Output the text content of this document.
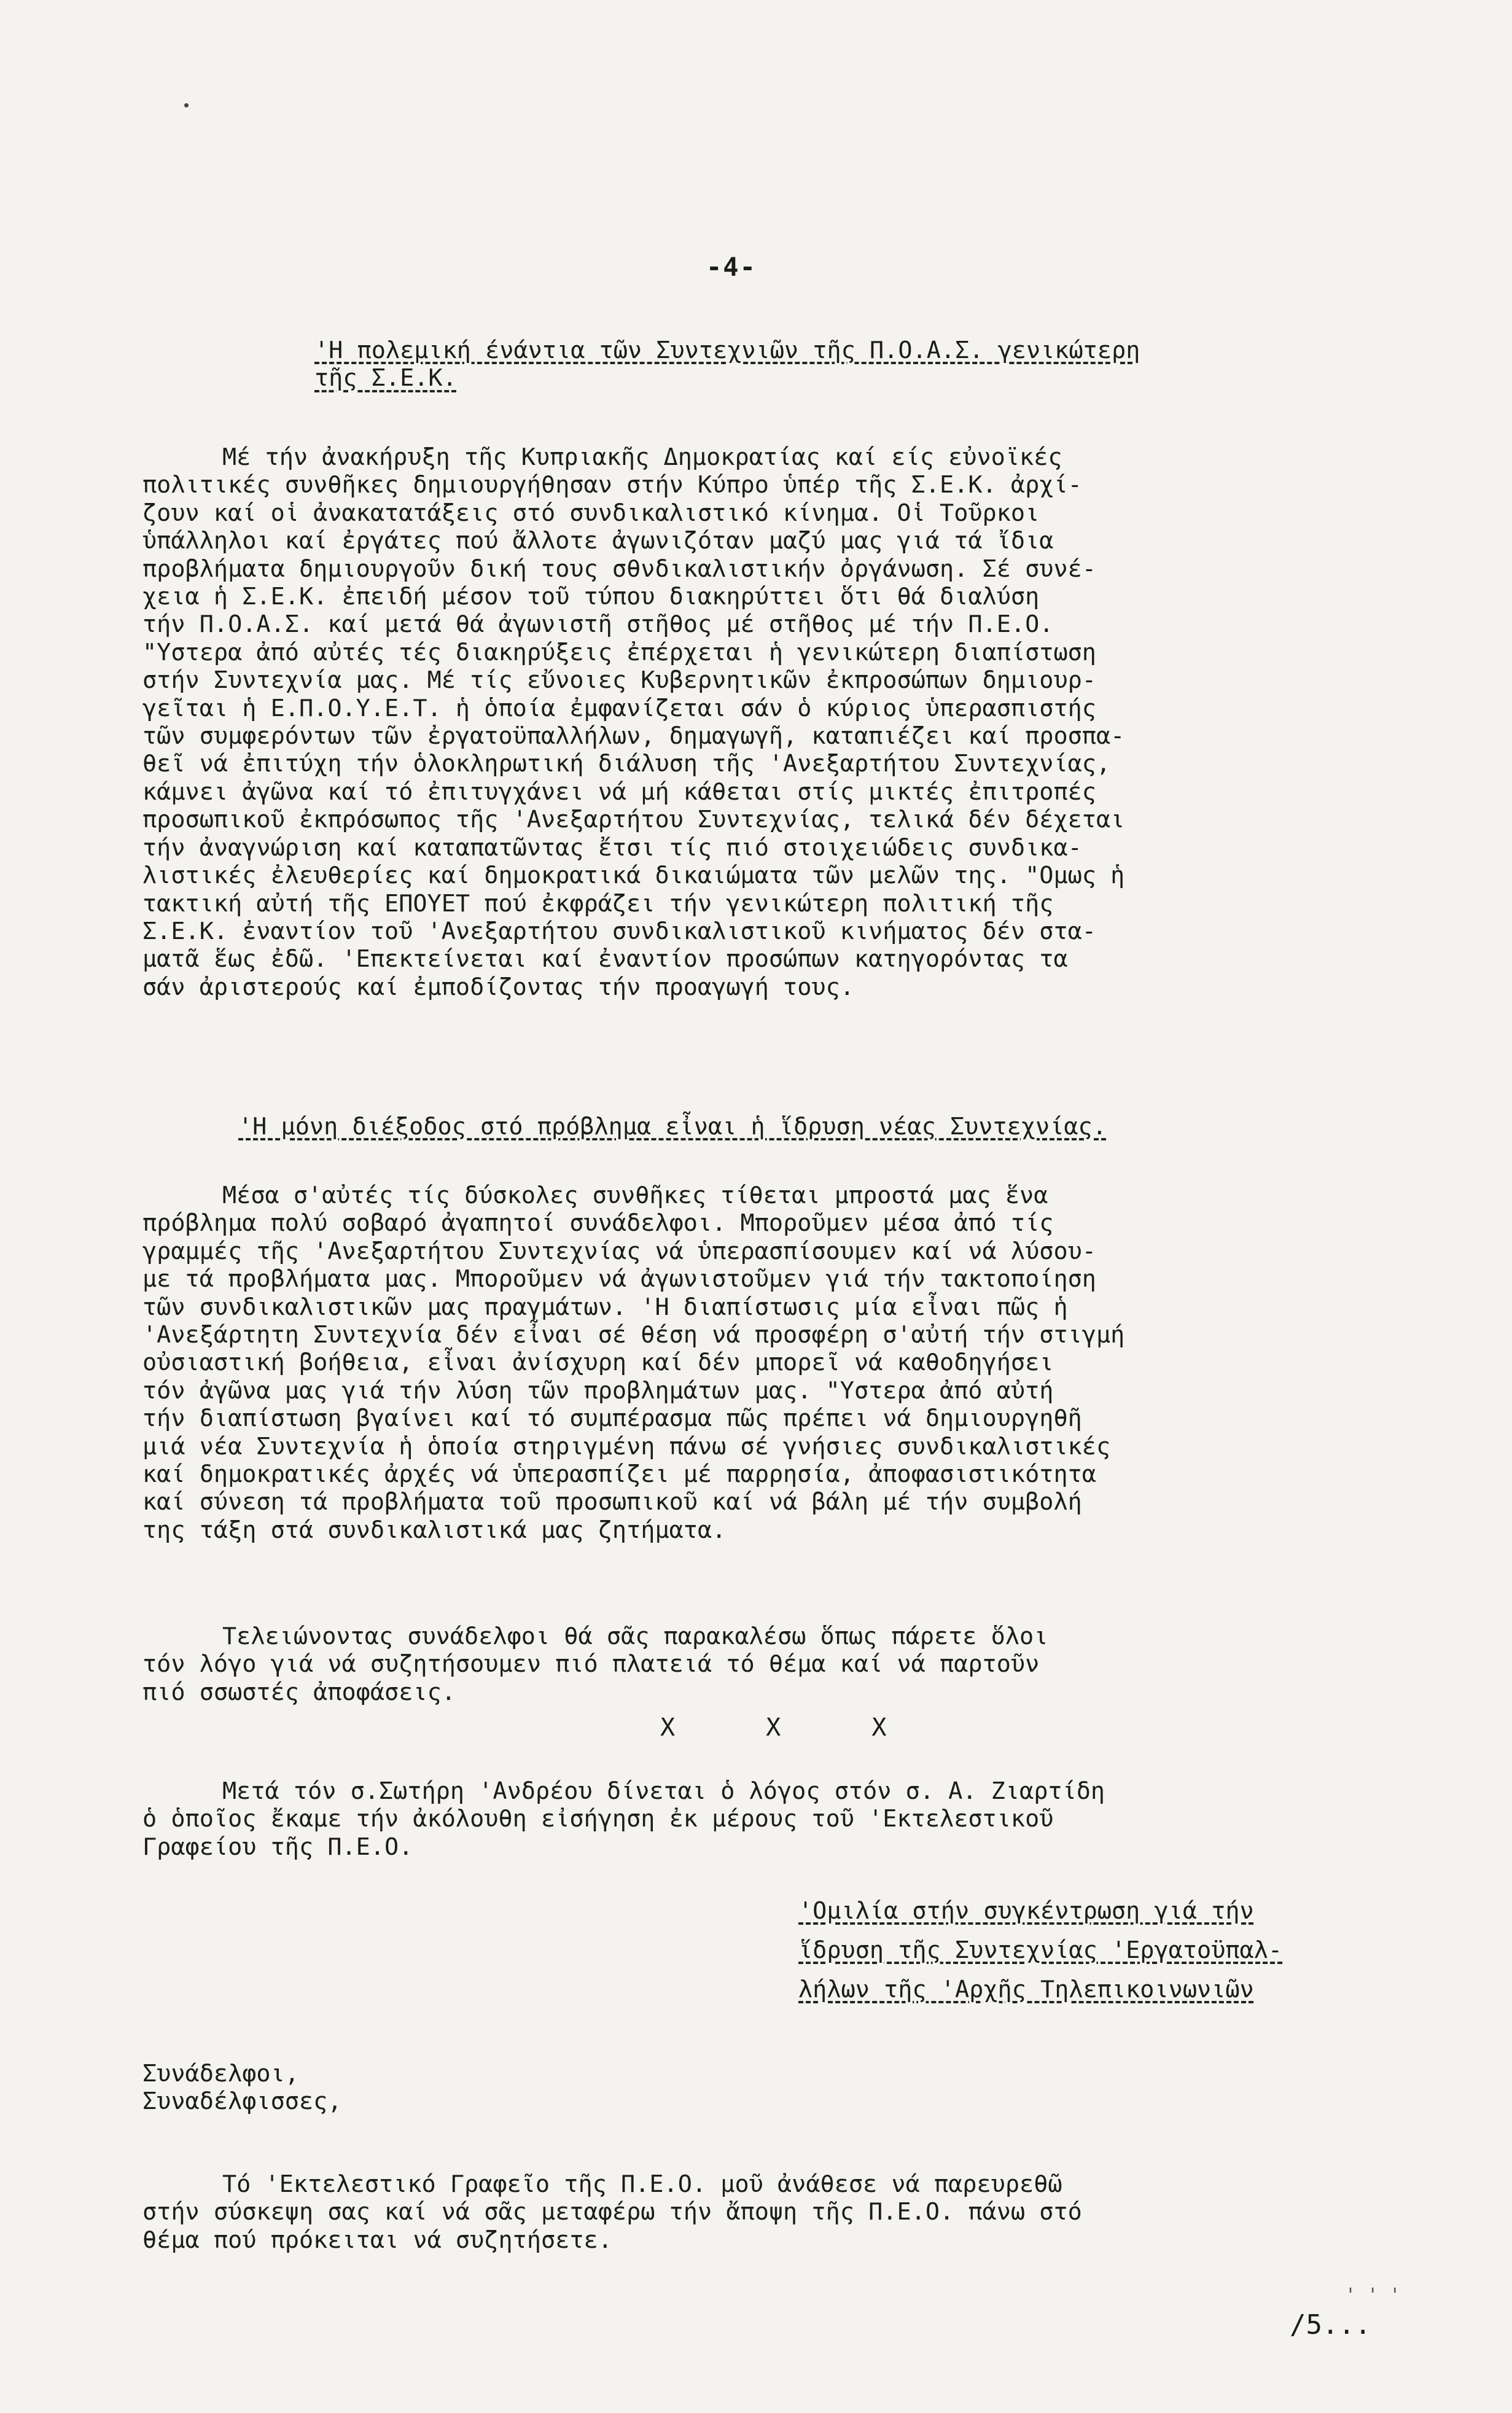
-4-
'Η πολεμική ένάντια τῶν Συντεχνιῶν τῆς Π.Ο.Α.Σ. γενικώτερη
τῆς Σ.Ε.Κ.
Μέ τήν ἀνακήρυξη τῆς Κυπριακῆς Δημοκρατίας καί είς εὐνοϊκές
πολιτικές συνθῆκες δημιουργήθησαν στήν Κύπρο ὑπέρ τῆς Σ.Ε.Κ. ἀρχί-
ζουν καί οἱ ἀνακατατάξεις στό συνδικαλιστικό κίνημα. Οἱ Τοῦρκοι
ὑπάλληλοι καί ἐργάτες πού ἄλλοτε ἀγωνιζόταν μαζύ μας γιά τά ἴδια
προβλήματα δημιουργοῦν δική τους σθνδικαλιστικήν ὀργάνωση. Σέ συνέ-
χεια ἡ Σ.Ε.Κ. ἐπειδή μέσον τοῦ τύπου διακηρύττει ὅτι θά διαλύση
τήν Π.Ο.Α.Σ. καί μετά θά ἀγωνιστῆ στῆθος μέ στῆθος μέ τήν Π.Ε.Ο.
"Υστερα ἀπό αὐτές τές διακηρύξεις ἐπέρχεται ἡ γενικώτερη διαπίστωση
στήν Συντεχνία μας. Μέ τίς εὔνοιες Κυβερνητικῶν ἐκπροσώπων δημιουρ-
γεῖται ἡ Ε.Π.Ο.Υ.Ε.Τ. ἡ ὁποία ἐμφανίζεται σάν ὁ κύριος ὑπερασπιστής
τῶν συμφερόντων τῶν ἐργατοϋπαλλήλων, δημαγωγῆ, καταπιέζει καί προσπα-
θεῖ νά ἐπιτύχη τήν ὁλοκληρωτική διάλυση τῆς 'Ανεξαρτήτου Συντεχνίας,
κάμνει ἀγῶνα καί τό ἐπιτυγχάνει νά μή κάθεται στίς μικτές ἐπιτροπές
προσωπικοῦ ἐκπρόσωπος τῆς 'Ανεξαρτήτου Συντεχνίας, τελικά δέν δέχεται
τήν ἀναγνώριση καί καταπατῶντας ἔτσι τίς πιό στοιχειώδεις συνδικα-
λιστικές ἐλευθερίες καί δημοκρατικά δικαιώματα τῶν μελῶν της. "Ομως ἡ
τακτική αὐτή τῆς ΕΠΟΥΕΤ πού ἐκφράζει τήν γενικώτερη πολιτική τῆς
Σ.Ε.Κ. ἐναντίον τοῦ 'Ανεξαρτήτου συνδικαλιστικοῦ κινήματος δέν στα-
ματᾶ ἕως ἐδῶ. 'Επεκτείνεται καί ἐναντίον προσώπων κατηγορόντας τα
σάν ἀριστερούς καί ἐμποδίζοντας τήν προαγωγή τους.
'Η μόνη διέξοδος στό πρόβλημα εἶναι ἡ ἵδρυση νέας Συντεχνίας.
Μέσα σ'αὐτές τίς δύσκολες συνθῆκες τίθεται μπροστά μας ἕνα
πρόβλημα πολύ σοβαρό ἀγαπητοί συνάδελφοι. Μποροῦμεν μέσα ἀπό τίς
γραμμές τῆς 'Ανεξαρτήτου Συντεχνίας νά ὑπερασπίσουμεν καί νά λύσου-
με τά προβλήματα μας. Μποροῦμεν νά ἀγωνιστοῦμεν γιά τήν τακτοποίηση
τῶν συνδικαλιστικῶν μας πραγμάτων. 'Η διαπίστωσις μία εἶναι πῶς ἡ
'Ανεξάρτητη Συντεχνία δέν εἶναι σέ θέση νά προσφέρη σ'αὐτή τήν στιγμή
οὐσιαστική βοήθεια, εἶναι ἀνίσχυρη καί δέν μπορεῖ νά καθοδηγήσει
τόν ἀγῶνα μας γιά τήν λύση τῶν προβλημάτων μας. "Υστερα ἀπό αὐτή
τήν διαπίστωση βγαίνει καί τό συμπέρασμα πῶς πρέπει νά δημιουργηθῆ
μιά νέα Συντεχνία ἡ ὁποία στηριγμένη πάνω σέ γνήσιες συνδικαλιστικές
καί δημοκρατικές ἀρχές νά ὑπερασπίζει μέ παρρησία, ἀποφασιστικότητα
καί σύνεση τά προβλήματα τοῦ προσωπικοῦ καί νά βάλη μέ τήν συμβολή
της τάξη στά συνδικαλιστικά μας ζητήματα.
Τελειώνοντας συνάδελφοι θά σᾶς παρακαλέσω ὅπως πάρετε ὅλοι
τόν λόγο γιά νά συζητήσουμεν πιό πλατειά τό θέμα καί νά παρτοῦν
πιό σσωστές ἀποφάσεις.
X X X
Μετά τόν σ.Σωτήρη 'Ανδρέου δίνεται ὁ λόγος στόν σ. Α. Ζιαρτίδη
ὁ ὁποῖος ἔκαμε τήν ἀκόλουθη εἰσήγηση ἐκ μέρους τοῦ 'Εκτελεστικοῦ
Γραφείου τῆς Π.Ε.Ο.
'Ομιλία στήν συγκέντρωση γιά τήν
ἵδρυση τῆς Συντεχνίας 'Εργατοϋπαλ-
λήλων τῆς 'Αρχῆς Τηλεπικοινωνιῶν
Συνάδελφοι,
Συναδέλφισσες,
Τό 'Εκτελεστικό Γραφεῖο τῆς Π.Ε.Ο. μοῦ ἀνάθεσε νά παρευρεθῶ
στήν σύσκεψη σας καί νά σᾶς μεταφέρω τήν ἄποψη τῆς Π.Ε.Ο. πάνω στό
θέμα πού πρόκειται νά συζητήσετε.
' ' '
/5...
